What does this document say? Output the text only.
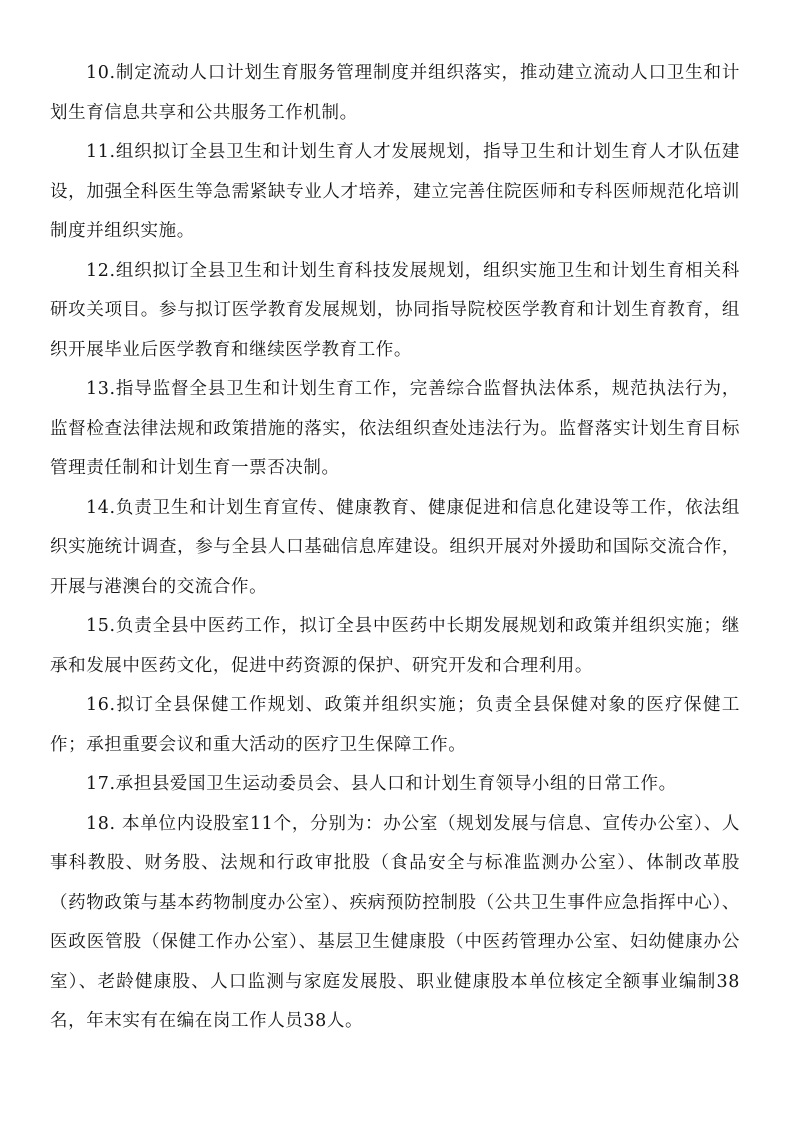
10.制定流动人口计划生育服务管理制度并组织落实，推动建立流动人口卫生和计划生育信息共享和公共服务工作机制。

11.组织拟订全县卫生和计划生育人才发展规划，指导卫生和计划生育人才队伍建设，加强全科医生等急需紧缺专业人才培养，建立完善住院医师和专科医师规范化培训制度并组织实施。

12.组织拟订全县卫生和计划生育科技发展规划，组织实施卫生和计划生育相关科研攻关项目。参与拟订医学教育发展规划，协同指导院校医学教育和计划生育教育，组织开展毕业后医学教育和继续医学教育工作。

13.指导监督全县卫生和计划生育工作，完善综合监督执法体系，规范执法行为，监督检查法律法规和政策措施的落实，依法组织查处违法行为。监督落实计划生育目标管理责任制和计划生育一票否决制。

14.负责卫生和计划生育宣传、健康教育、健康促进和信息化建设等工作，依法组织实施统计调查，参与全县人口基础信息库建设。组织开展对外援助和国际交流合作，开展与港澳台的交流合作。

15.负责全县中医药工作，拟订全县中医药中长期发展规划和政策并组织实施；继承和发展中医药文化，促进中药资源的保护、研究开发和合理利用。

16.拟订全县保健工作规划、政策并组织实施；负责全县保健对象的医疗保健工作；承担重要会议和重大活动的医疗卫生保障工作。

17.承担县爱国卫生运动委员会、县人口和计划生育领导小组的日常工作。

18. 本单位内设股室11个，分别为：办公室（规划发展与信息、宣传办公室）、人事科教股、财务股、法规和行政审批股（食品安全与标准监测办公室）、体制改革股（药物政策与基本药物制度办公室）、疾病预防控制股（公共卫生事件应急指挥中心）、医政医管股（保健工作办公室）、基层卫生健康股（中医药管理办公室、妇幼健康办公室）、老龄健康股、人口监测与家庭发展股、职业健康股本单位核定全额事业编制38名，年末实有在编在岗工作人员38人。
